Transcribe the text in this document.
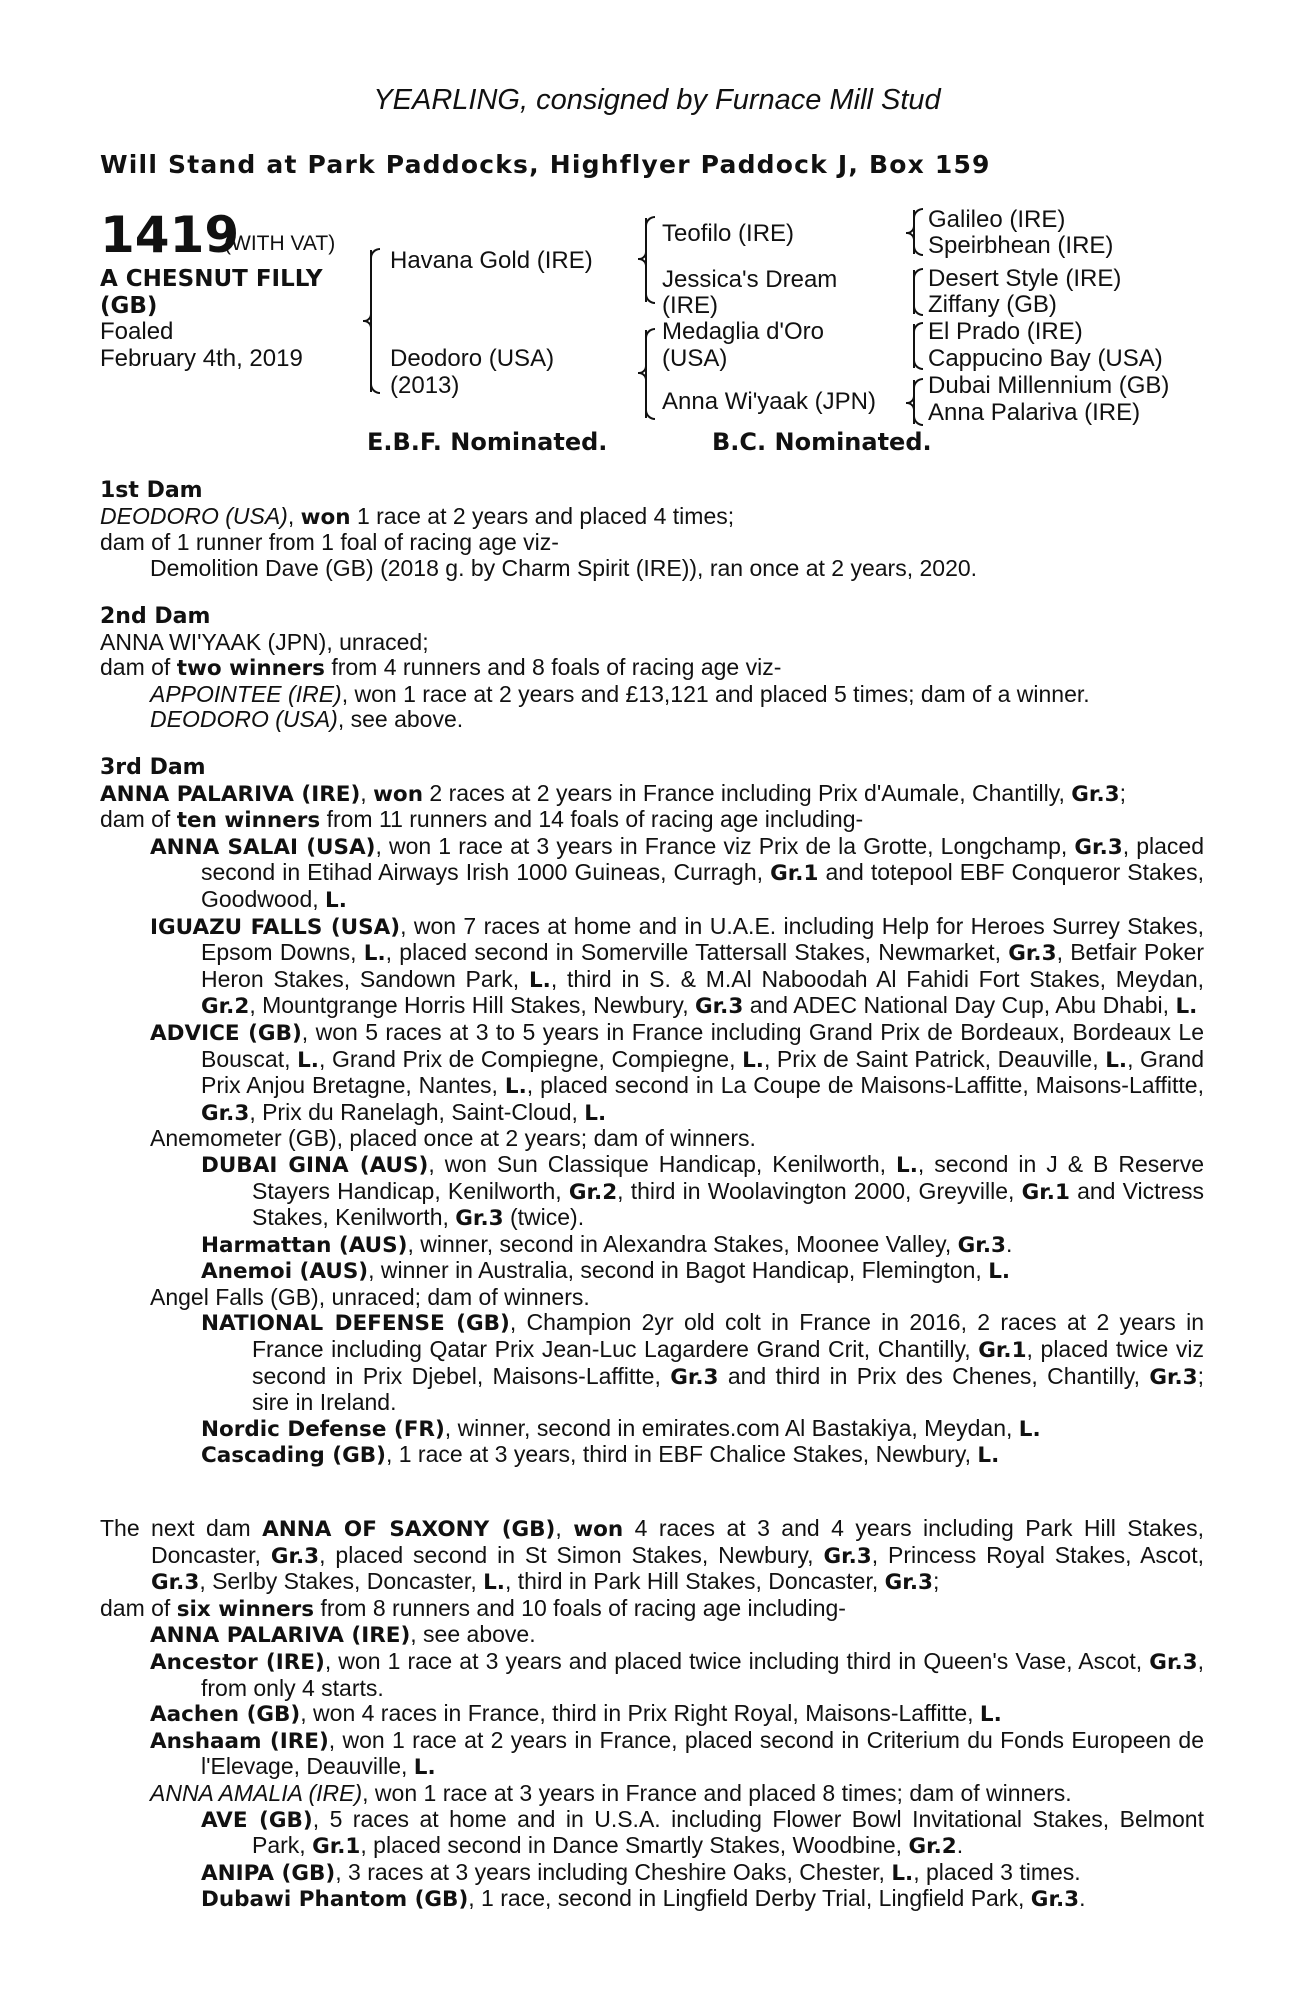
YEARLING, consigned by Furnace Mill Stud
Will Stand at Park Paddocks, Highflyer Paddock J, Box 159
1419
(WITH VAT)
A CHESNUT FILLY
(GB)
Foaled
February 4th, 2019
Havana Gold (IRE)
Deodoro (USA)
(2013)
Teofilo (IRE)
Jessica's Dream
(IRE)
Medaglia d'Oro
(USA)
Anna Wi'yaak (JPN)
Galileo (IRE)
Speirbhean (IRE)
Desert Style (IRE)
Ziffany (GB)
El Prado (IRE)
Cappucino Bay (USA)
Dubai Millennium (GB)
Anna Palariva (IRE)
E.B.F. Nominated.	B.C. Nominated.

1st Dam

DEODORO (USA), won 1 race at 2 years and placed 4 times;

dam of 1 runner from 1 foal of racing age viz-

Demolition Dave (GB) (2018 g. by Charm Spirit (IRE)), ran once at 2 years, 2020.

2nd Dam

ANNA WI'YAAK (JPN), unraced;

dam of two winners from 4 runners and 8 foals of racing age viz-

APPOINTEE (IRE), won 1 race at 2 years and £13,121 and placed 5 times; dam of a winner.

DEODORO (USA), see above.

3rd Dam

ANNA PALARIVA (IRE), won 2 races at 2 years in France including Prix d'Aumale, Chantilly, Gr.3;

dam of ten winners from 11 runners and 14 foals of racing age including-

ANNA SALAI (USA), won 1 race at 3 years in France viz Prix de la Grotte, Longchamp, Gr.3, placed second in Etihad Airways Irish 1000 Guineas, Curragh, Gr.1 and totepool EBF Conqueror Stakes, Goodwood, L.

IGUAZU FALLS (USA), won 7 races at home and in U.A.E. including Help for Heroes Surrey Stakes, Epsom Downs, L., placed second in Somerville Tattersall Stakes, Newmarket, Gr.3, Betfair Poker Heron Stakes, Sandown Park, L., third in S. & M.Al Naboodah Al Fahidi Fort Stakes, Meydan, Gr.2, Mountgrange Horris Hill Stakes, Newbury, Gr.3 and ADEC National Day Cup, Abu Dhabi, L.

ADVICE (GB), won 5 races at 3 to 5 years in France including Grand Prix de Bordeaux, Bordeaux Le Bouscat, L., Grand Prix de Compiegne, Compiegne, L., Prix de Saint Patrick, Deauville, L., Grand Prix Anjou Bretagne, Nantes, L., placed second in La Coupe de Maisons-Laffitte, Maisons-Laffitte, Gr.3, Prix du Ranelagh, Saint-Cloud, L.

Anemometer (GB), placed once at 2 years; dam of winners.

DUBAI GINA (AUS), won Sun Classique Handicap, Kenilworth, L., second in J & B Reserve Stayers Handicap, Kenilworth, Gr.2, third in Woolavington 2000, Greyville, Gr.1 and Victress Stakes, Kenilworth, Gr.3 (twice).

Harmattan (AUS), winner, second in Alexandra Stakes, Moonee Valley, Gr.3.

Anemoi (AUS), winner in Australia, second in Bagot Handicap, Flemington, L.

Angel Falls (GB), unraced; dam of winners.

NATIONAL DEFENSE (GB), Champion 2yr old colt in France in 2016, 2 races at 2 years in France including Qatar Prix Jean-Luc Lagardere Grand Crit, Chantilly, Gr.1, placed twice viz second in Prix Djebel, Maisons-Laffitte, Gr.3 and third in Prix des Chenes, Chantilly, Gr.3; sire in Ireland.

Nordic Defense (FR), winner, second in emirates.com Al Bastakiya, Meydan, L.

Cascading (GB), 1 race at 3 years, third in EBF Chalice Stakes, Newbury, L.

The next dam ANNA OF SAXONY (GB), won 4 races at 3 and 4 years including Park Hill Stakes, Doncaster, Gr.3, placed second in St Simon Stakes, Newbury, Gr.3, Princess Royal Stakes, Ascot, Gr.3, Serlby Stakes, Doncaster, L., third in Park Hill Stakes, Doncaster, Gr.3;

dam of six winners from 8 runners and 10 foals of racing age including-

ANNA PALARIVA (IRE), see above.

Ancestor (IRE), won 1 race at 3 years and placed twice including third in Queen's Vase, Ascot, Gr.3, from only 4 starts.

Aachen (GB), won 4 races in France, third in Prix Right Royal, Maisons-Laffitte, L.

Anshaam (IRE), won 1 race at 2 years in France, placed second in Criterium du Fonds Europeen de l'Elevage, Deauville, L.

ANNA AMALIA (IRE), won 1 race at 3 years in France and placed 8 times; dam of winners.

AVE (GB), 5 races at home and in U.S.A. including Flower Bowl Invitational Stakes, Belmont Park, Gr.1, placed second in Dance Smartly Stakes, Woodbine, Gr.2.

ANIPA (GB), 3 races at 3 years including Cheshire Oaks, Chester, L., placed 3 times.

Dubawi Phantom (GB), 1 race, second in Lingfield Derby Trial, Lingfield Park, Gr.3.
